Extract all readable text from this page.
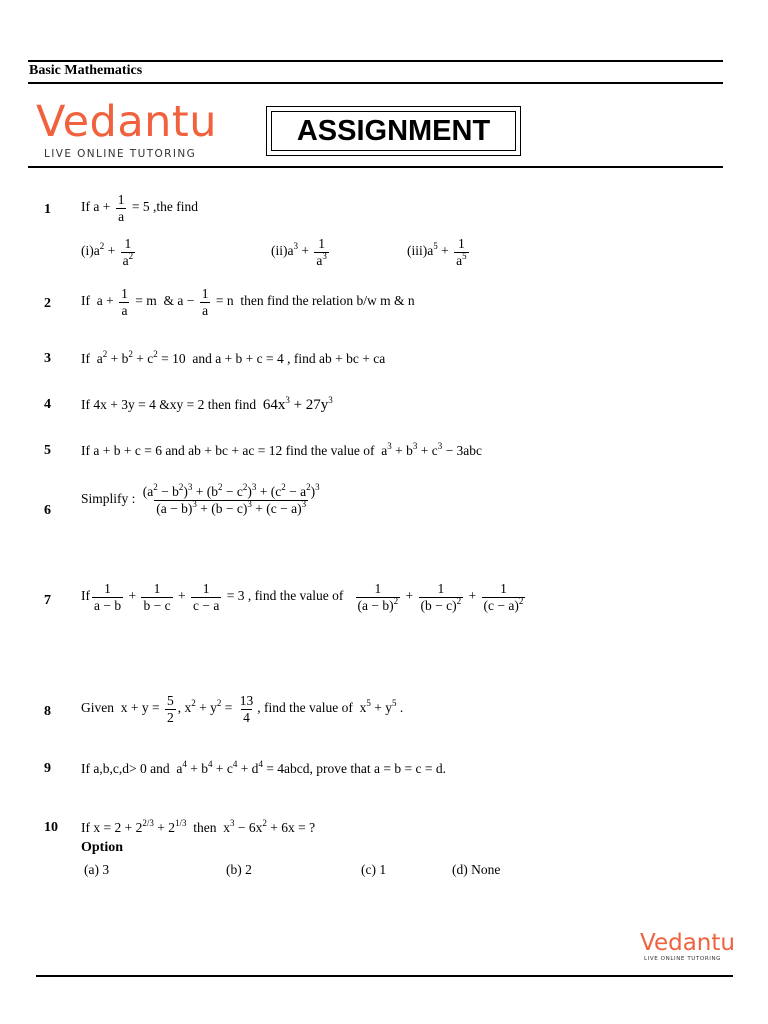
Basic Mathematics
Vedantu
LIVE ONLINE TUTORING
ASSIGNMENT
1 If $a + \frac{1}{a} = 5$ ,the find
$(i)a^2 + \frac{1}{a^2}$	$(ii)a^3 + \frac{1}{a^3}$	$(iii)a^5 + \frac{1}{a^5}$
2 If  $a + \frac{1}{a} = m$  & $a - \frac{1}{a} = n$  then find the relation b/w m & n
3 If  $a^2 + b^2 + c^2 = 10$  and a + b + c = 4 , find ab + bc + ca
4 If 4x + 3y = 4 &xy = 2 then find  $64x^3 + 27y^3$
5 If a + b + c = 6 and ab + bc + ac = 12 find the value of  $a^3 + b^3 + c^3 - 3abc$
6
Simplify : $\frac{(a^2 - b^2)^3 + (b^2 - c^2)^3 + (c^2 - a^2)^3}{(a - b)^3 + (b - c)^3 + (c - a)^3}$
7 If $\frac{1}{a - b} + \frac{1}{b - c} + \frac{1}{c - a} = 3$ , find the value of $\frac{1}{(a - b)^2} + \frac{1}{(b - c)^2} + \frac{1}{(c - a)^2}$
8 Given  $x + y = \frac{5}{2}$ , $x^2 + y^2 = \frac{13}{4}$ , find the value of  $x^5 + y^5$ .
9 If a,b,c,d> 0 and  $a^4 + b^4 + c^4 + d^4$ = 4abcd, prove that a = b = c = d.
10 If $x = 2 + 2^{2/3} + 2^{1/3}$  then  $x^3 - 6x^2 + 6x$ = ?
Option
(a) 3	(b) 2	(c) 1	(d) None
Vedantu
LIVE ONLINE TUTORING
